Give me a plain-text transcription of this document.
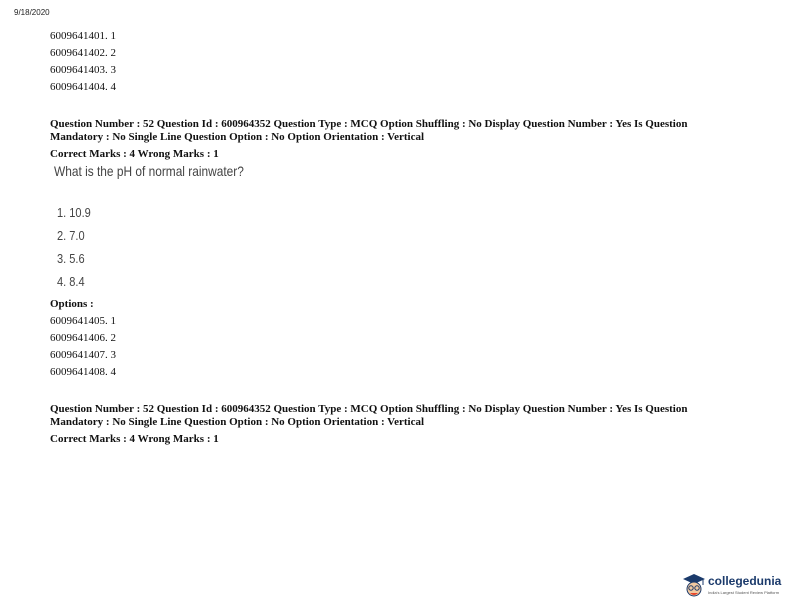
9/18/2020
6009641401. 1
6009641402. 2
6009641403. 3
6009641404. 4
Question Number : 52 Question Id : 600964352 Question Type : MCQ Option Shuffling : No Display Question Number : Yes Is Question
Mandatory : No Single Line Question Option : No Option Orientation : Vertical
Correct Marks : 4 Wrong Marks : 1
What is the pH of normal rainwater?
1. 10.9
2. 7.0
3. 5.6
4. 8.4
Options :
6009641405. 1
6009641406. 2
6009641407. 3
6009641408. 4
Question Number : 52 Question Id : 600964352 Question Type : MCQ Option Shuffling : No Display Question Number : Yes Is Question
Mandatory : No Single Line Question Option : No Option Orientation : Vertical
Correct Marks : 4 Wrong Marks : 1
collegedunia
India's Largest Student Review Platform
